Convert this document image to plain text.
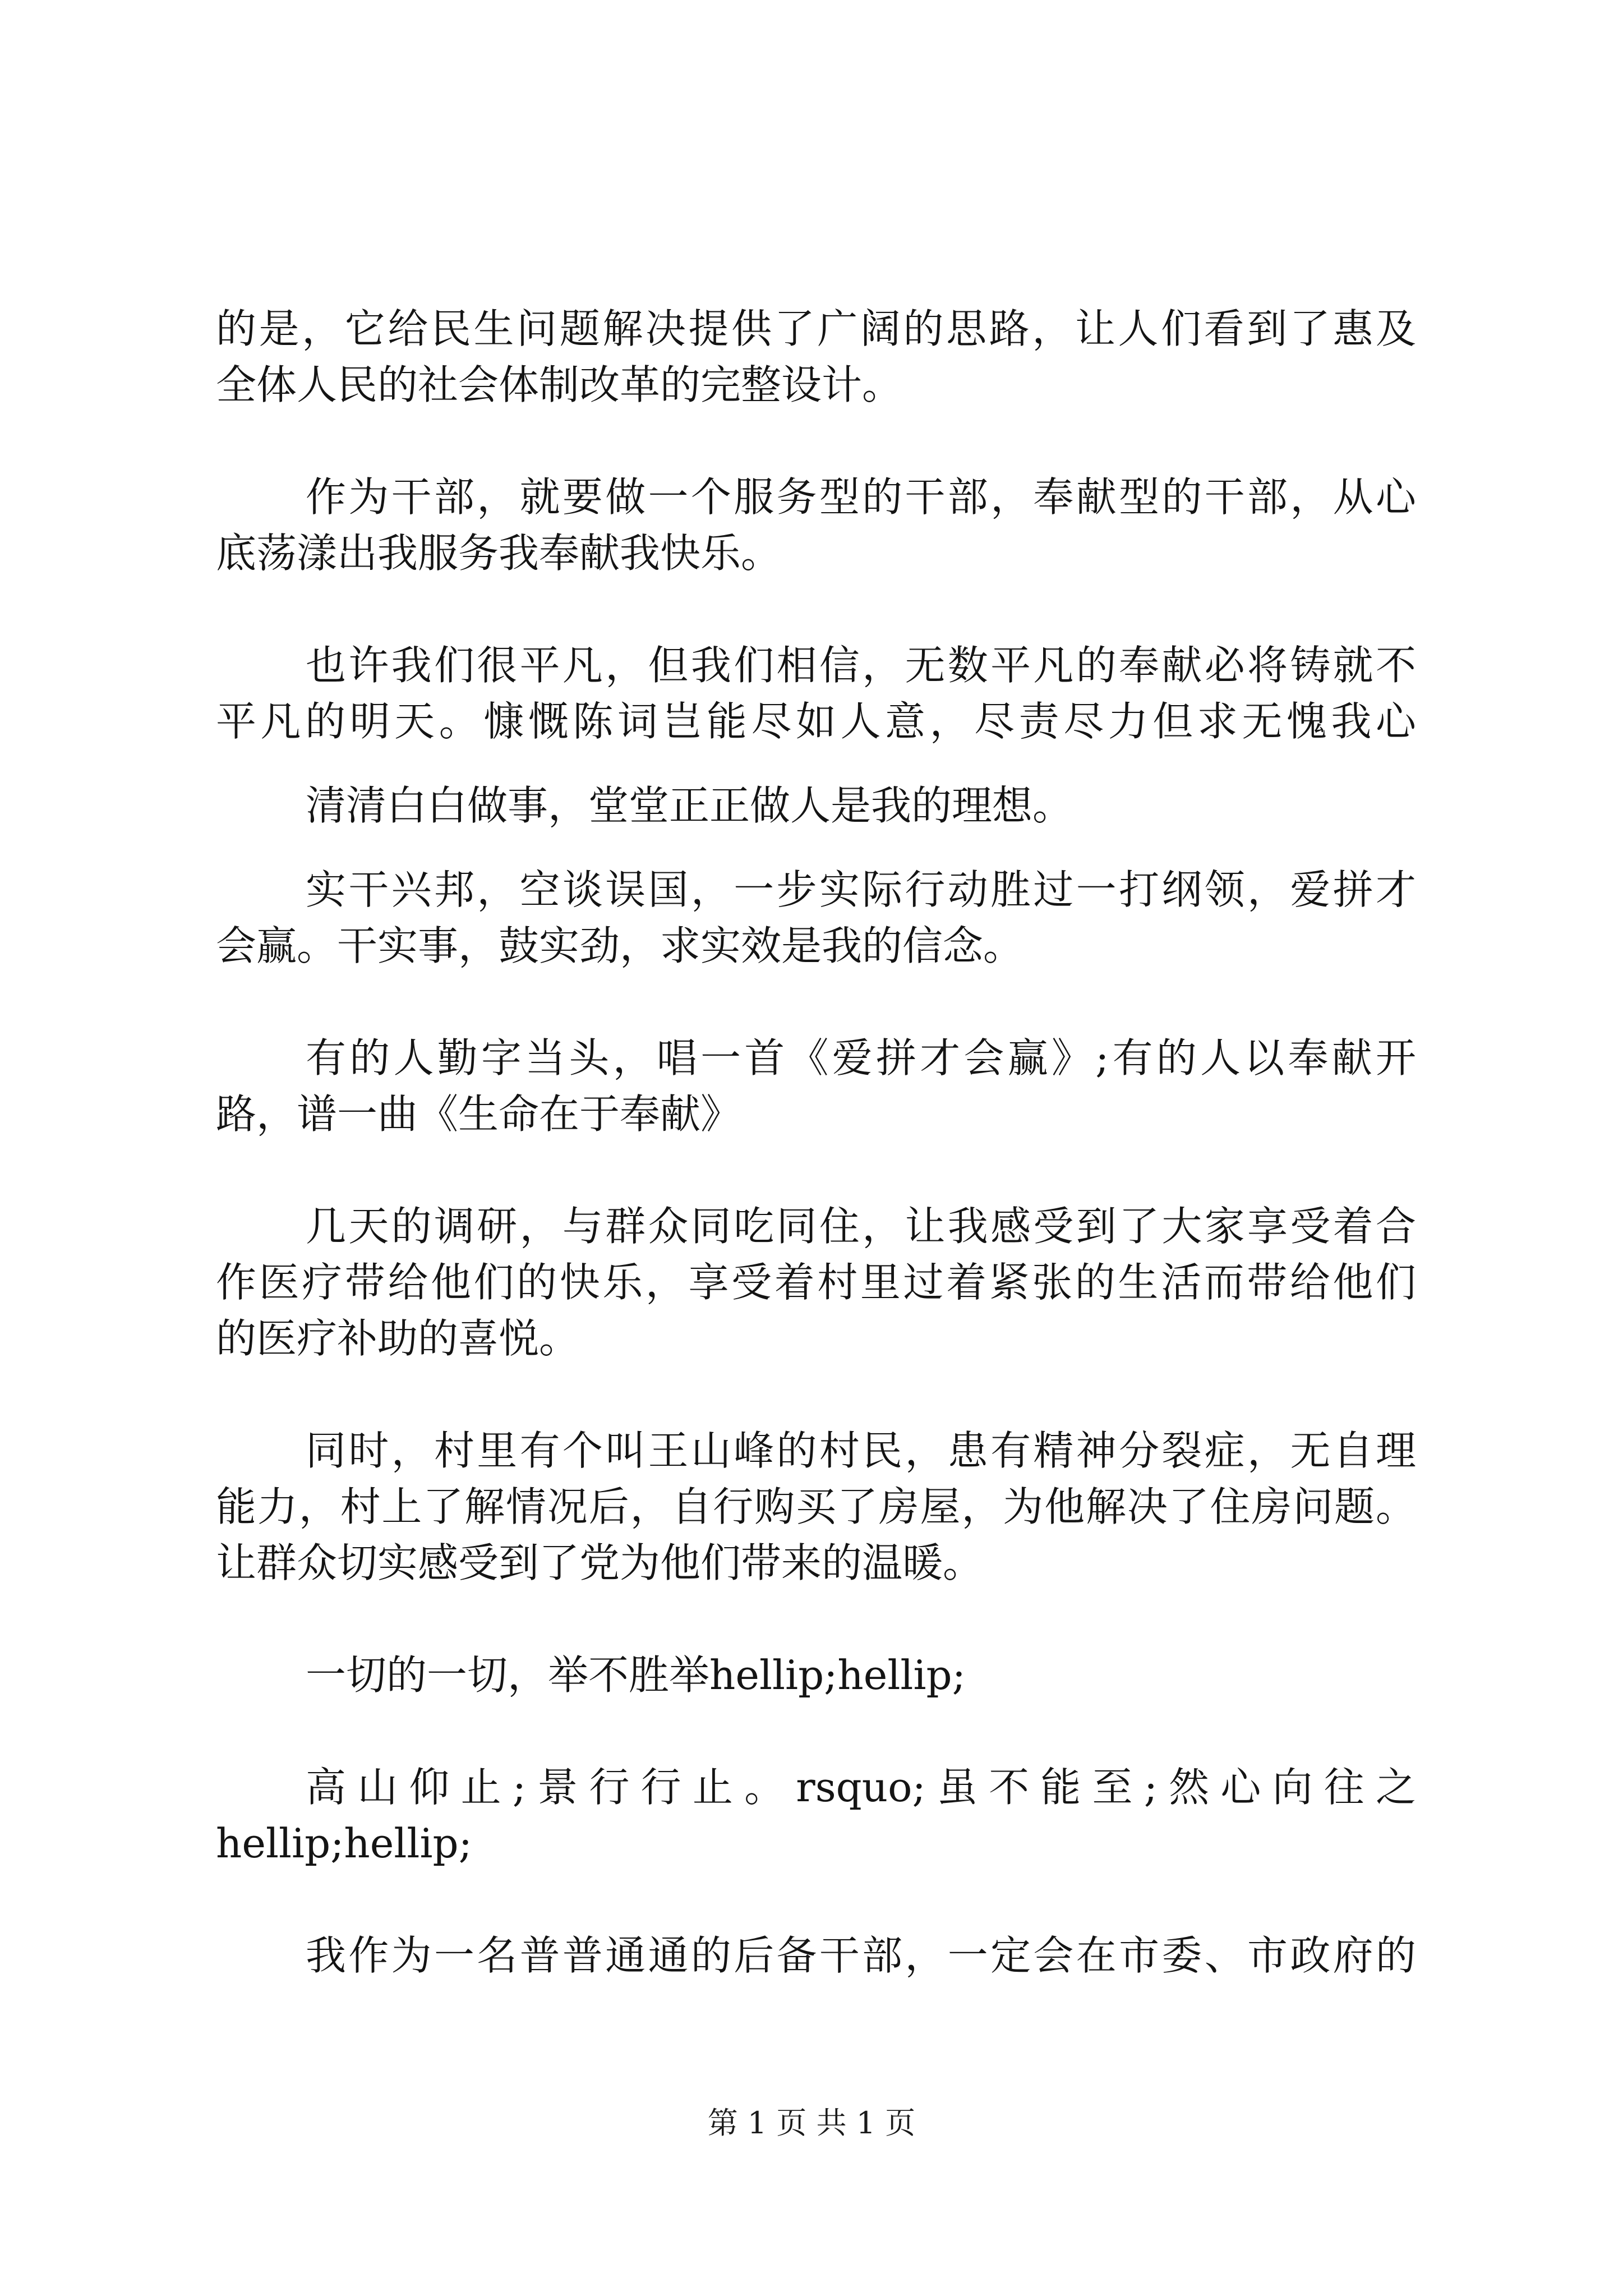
的是，它给民生问题解决提供了广阔的思路，让人们看到了惠及

全体人民的社会体制改革的完整设计。

作为干部，就要做一个服务型的干部，奉献型的干部，从心

底荡漾出我服务我奉献我快乐。

也许我们很平凡，但我们相信，无数平凡的奉献必将铸就不

平凡的明天。慷慨陈词岂能尽如人意，尽责尽力但求无愧我心

清清白白做事，堂堂正正做人是我的理想。

实干兴邦，空谈误国，一步实际行动胜过一打纲领，爱拼才

会赢。干实事，鼓实劲，求实效是我的信念。

有的人勤字当头，唱一首《爱拼才会赢》;有的人以奉献开

路，谱一曲《生命在于奉献》

几天的调研，与群众同吃同住，让我感受到了大家享受着合

作医疗带给他们的快乐，享受着村里过着紧张的生活而带给他们

的医疗补助的喜悦。

同时，村里有个叫王山峰的村民，患有精神分裂症，无自理

能力，村上了解情况后，自行购买了房屋，为他解决了住房问题。

让群众切实感受到了党为他们带来的温暖。

一切的一切，举不胜举hellip;hellip;

高山仰止;景行行止。rsquo;虽不能至;然心向往之

hellip;hellip;

我作为一名普普通通的后备干部，一定会在市委、市政府的

第 1 页 共 1 页
